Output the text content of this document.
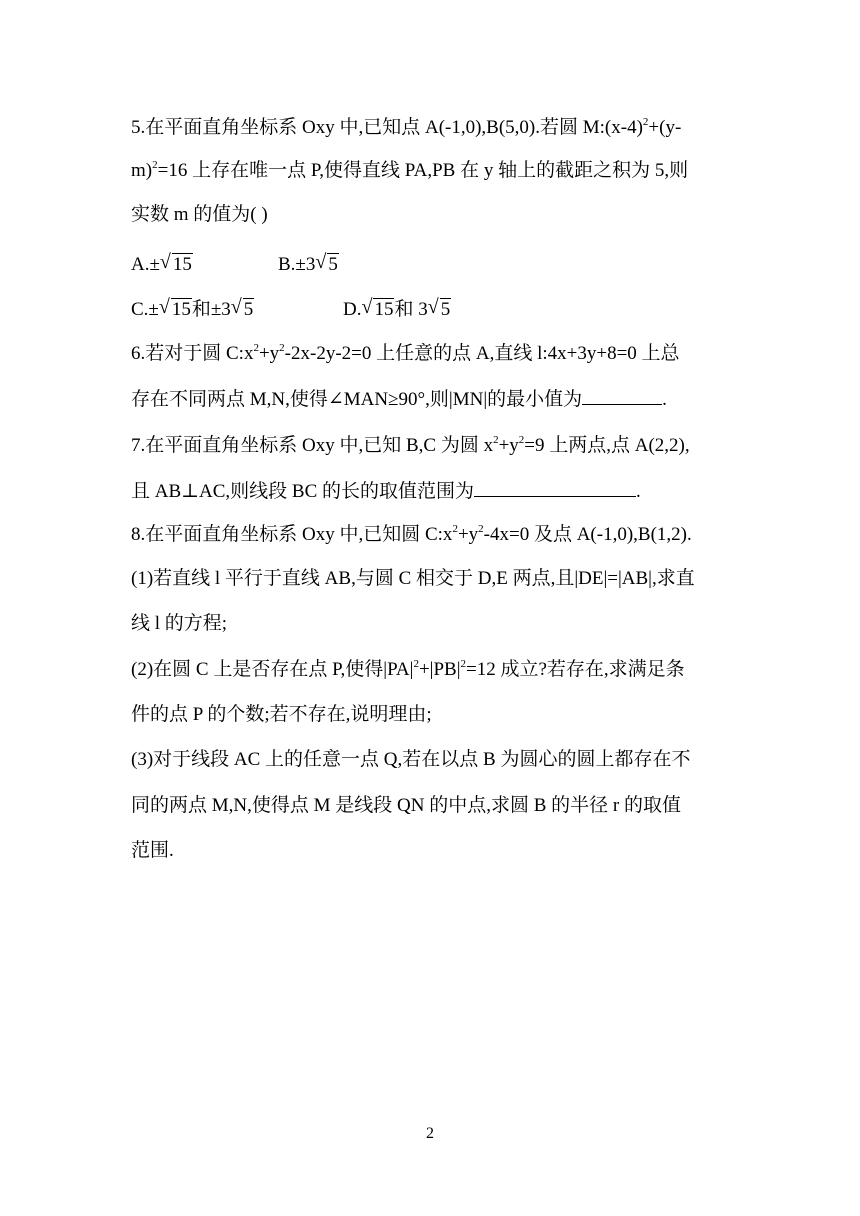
5.在平面直角坐标系 Oxy 中,已知点 A(-1,0),B(5,0).若圆 $M:(x-4)^2+(y-$
m)$^2$=16 上存在唯一点 P,使得直线 PA,PB 在 y 轴上的截距之积为 5,则
实数 m 的值为( )
A.± √ 15	B.±3 √ 5
C.± √ 15和±3 √ 5	D. √ 15和 3 √ 5
6.若对于圆 $C:x^2+y^2-2x-2y-2=0$ 上任意的点 A,直线 l:4x+3y+8=0 上总
存在不同两点 M,N,使得∠MAN≥90°,则|MN|的最小值为	.
7.在平面直角坐标系 Oxy 中,已知 B,C 为圆 $x^2+y^2=9$ 上两点,点 A(2,2),
且 AB⊥AC,则线段 BC 的长的取值范围为	.
8.在平面直角坐标系 Oxy 中,已知圆 $C:x^2+y^2-4x=0$ 及点 A(-1,0),B(1,2).
(1)若直线 l 平行于直线 AB,与圆 C 相交于 D,E 两点,且|DE|=|AB|,求直
线 l 的方程;
(2)在圆 C 上是否存在点 P,使得$|PA|^2+|PB|^2=12$ 成立?若存在,求满足条
件的点 P 的个数;若不存在,说明理由;
(3)对于线段 AC 上的任意一点 Q,若在以点 B 为圆心的圆上都存在不
同的两点 M,N,使得点 M 是线段 QN 的中点,求圆 B 的半径 r 的取值
范围.
2
